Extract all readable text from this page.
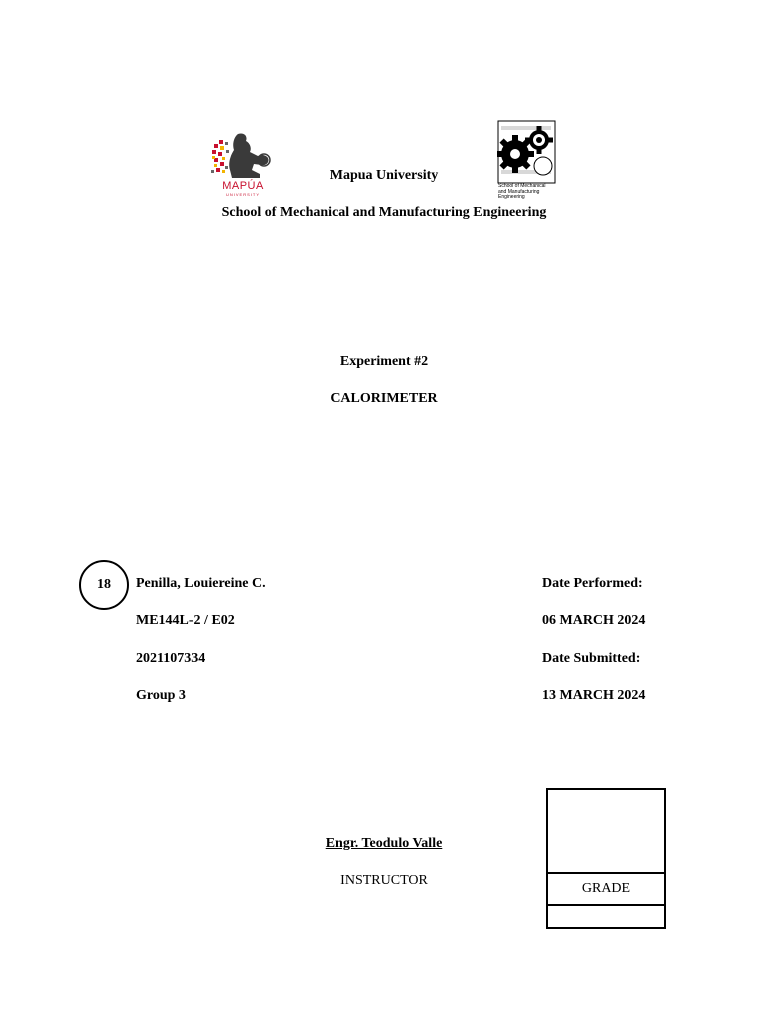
MAPÚA
UNIVERSITY
School of Mechanical
and Manufacturing
Engineering
Mapua University
School of Mechanical and Manufacturing Engineering
Experiment #2
CALORIMETER
18	Penilla, Louiereine C.
ME144L-2 / E02
2021107334
Group 3
Date Performed:
06 MARCH 2024
Date Submitted:
13 MARCH 2024
Engr. Teodulo Valle
INSTRUCTOR
GRADE
